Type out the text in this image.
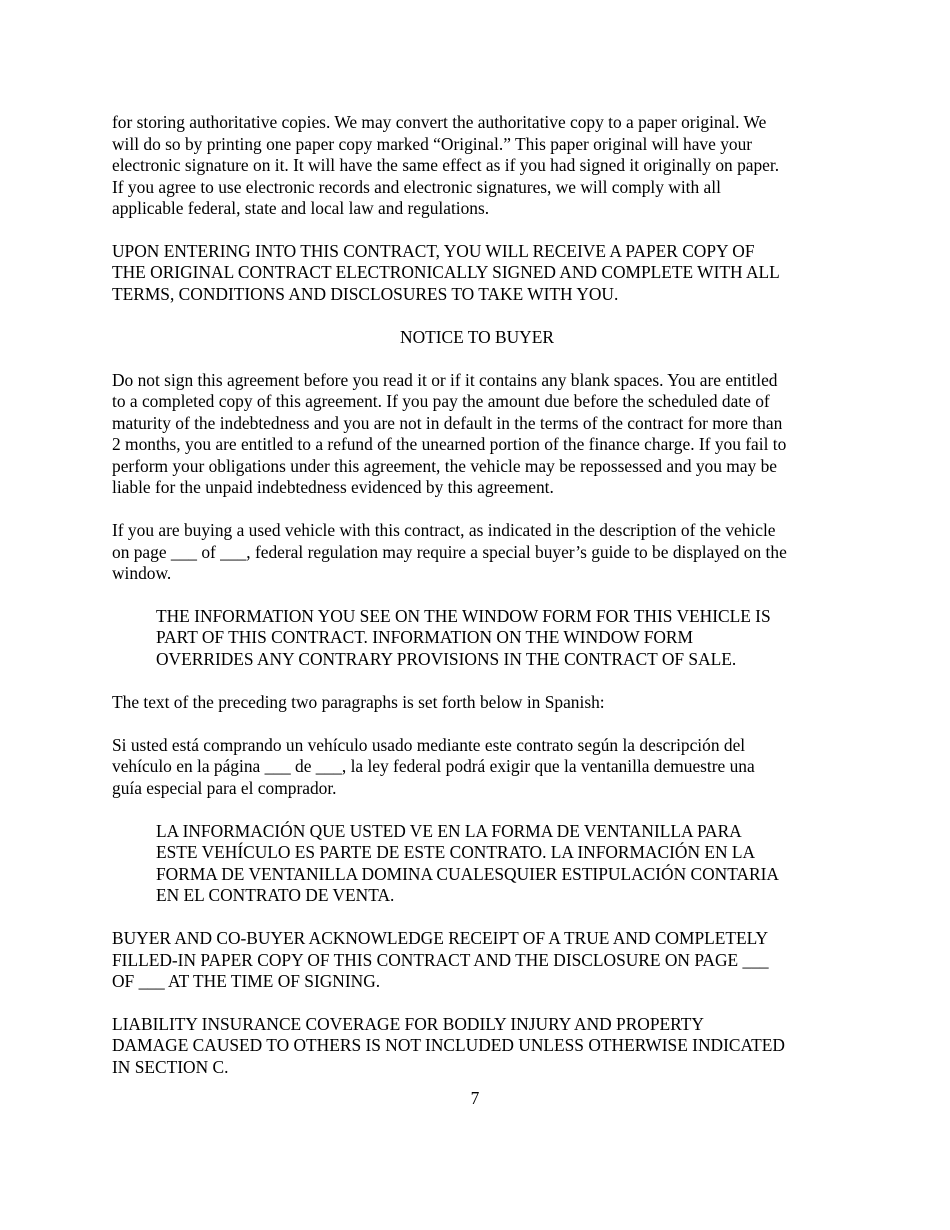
for storing authoritative copies. We may convert the authoritative copy to a paper original. We
will do so by printing one paper copy marked “Original.” This paper original will have your
electronic signature on it. It will have the same effect as if you had signed it originally on paper.
If you agree to use electronic records and electronic signatures, we will comply with all
applicable federal, state and local law and regulations.

UPON ENTERING INTO THIS CONTRACT, YOU WILL RECEIVE A PAPER COPY OF
THE ORIGINAL CONTRACT ELECTRONICALLY SIGNED AND COMPLETE WITH ALL
TERMS, CONDITIONS AND DISCLOSURES TO TAKE WITH YOU.

NOTICE TO BUYER

Do not sign this agreement before you read it or if it contains any blank spaces. You are entitled
to a completed copy of this agreement. If you pay the amount due before the scheduled date of
maturity of the indebtedness and you are not in default in the terms of the contract for more than
2 months, you are entitled to a refund of the unearned portion of the finance charge. If you fail to
perform your obligations under this agreement, the vehicle may be repossessed and you may be
liable for the unpaid indebtedness evidenced by this agreement.

If you are buying a used vehicle with this contract, as indicated in the description of the vehicle
on page ___ of ___, federal regulation may require a special buyer’s guide to be displayed on the
window.

THE INFORMATION YOU SEE ON THE WINDOW FORM FOR THIS VEHICLE IS
PART OF THIS CONTRACT. INFORMATION ON THE WINDOW FORM
OVERRIDES ANY CONTRARY PROVISIONS IN THE CONTRACT OF SALE.

The text of the preceding two paragraphs is set forth below in Spanish:

Si usted está comprando un vehículo usado mediante este contrato según la descripción del
vehículo en la página ___ de ___, la ley federal podrá exigir que la ventanilla demuestre una
guía especial para el comprador.

LA INFORMACIÓN QUE USTED VE EN LA FORMA DE VENTANILLA PARA
ESTE VEHÍCULO ES PARTE DE ESTE CONTRATO. LA INFORMACIÓN EN LA
FORMA DE VENTANILLA DOMINA CUALESQUIER ESTIPULACIÓN CONTARIA
EN EL CONTRATO DE VENTA.

BUYER AND CO-BUYER ACKNOWLEDGE RECEIPT OF A TRUE AND COMPLETELY
FILLED-IN PAPER COPY OF THIS CONTRACT AND THE DISCLOSURE ON PAGE ___
OF ___ AT THE TIME OF SIGNING.

LIABILITY INSURANCE COVERAGE FOR BODILY INJURY AND PROPERTY
DAMAGE CAUSED TO OTHERS IS NOT INCLUDED UNLESS OTHERWISE INDICATED
IN SECTION C.

7
